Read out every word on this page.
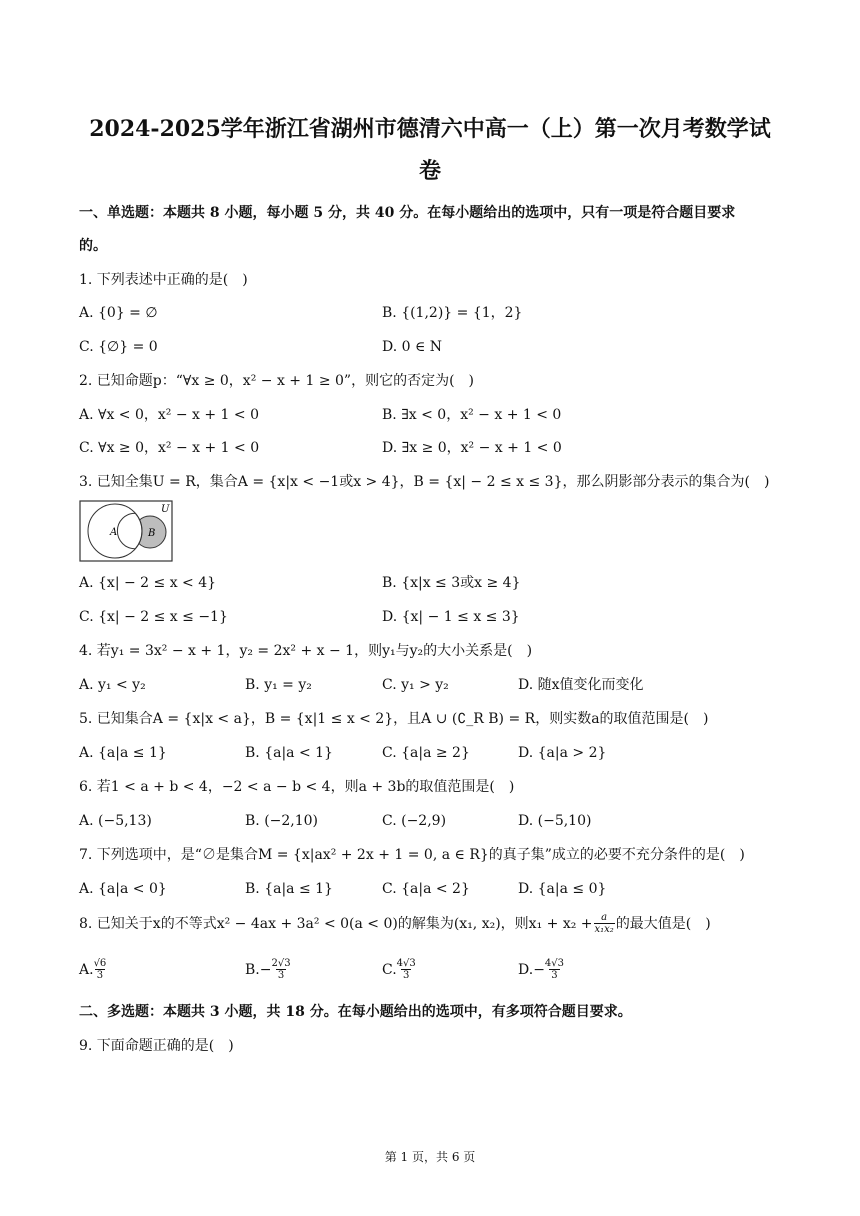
2024-2025学年浙江省湖州市德清六中高一（上）第一次月考数学试
卷
一、单选题：本题共 8 小题，每小题 5 分，共 40 分。在每小题给出的选项中，只有一项是符合题目要求
的。
1. 下列表述中正确的是(　)
A. {0} = ∅	B. {(1,2)} = {1，2}
C. {∅} = 0	D. 0 ∈ N
2. 已知命题p：“∀x ≥ 0，x² − x + 1 ≥ 0”，则它的否定为(　)
A. ∀x < 0，x² − x + 1 < 0	B. ∃x < 0，x² − x + 1 < 0
C. ∀x ≥ 0，x² − x + 1 < 0	D. ∃x ≥ 0，x² − x + 1 < 0
3. 已知全集U = R，集合A = {x|x < −1或x > 4}，B = {x| − 2 ≤ x ≤ 3}，那么阴影部分表示的集合为(　)
A	B
U
A. {x| − 2 ≤ x < 4}	B. {x|x ≤ 3或x ≥ 4}
C. {x| − 2 ≤ x ≤ −1}	D. {x| − 1 ≤ x ≤ 3}
4. 若y₁ = 3x² − x + 1，y₂ = 2x² + x − 1，则y₁与y₂的大小关系是(　)
A. y₁ < y₂	B. y₁ = y₂	C. y₁ > y₂	D. 随x值变化而变化
5. 已知集合A = {x|x < a}，B = {x|1 ≤ x < 2}，且A ∪ (∁_R B) = R，则实数a的取值范围是(　)
A. {a|a ≤ 1}	B. {a|a < 1}	C. {a|a ≥ 2}	D. {a|a > 2}
6. 若1 < a + b < 4，−2 < a − b < 4，则a + 3b的取值范围是(　)
A. (−5,13)	B. (−2,10)	C. (−2,9)	D. (−5,10)
7. 下列选项中，是“∅是集合M = {x|ax² + 2x + 1 = 0, a ∈ R}的真子集”成立的必要不充分条件的是(　)
A. {a|a < 0}	B. {a|a ≤ 1}	C. {a|a < 2}	D. {a|a ≤ 0}
8. 已知关于x的不等式x² − 4ax + 3a² < 0(a < 0)的解集为(x₁, x₂)，则$x_1 + x_2 + \frac{a}{\text{x₁x₂}}$ 的最大值是(　)
A. $\frac{√6}{3}$	B. − $\frac{2√3}{3}$	C. $\frac{4√3}{3}$	D. − $\frac{4√3}{3}$
二、多选题：本题共 3 小题，共 18 分。在每小题给出的选项中，有多项符合题目要求。
9. 下面命题正确的是(　)
第 1 页，共 6 页
